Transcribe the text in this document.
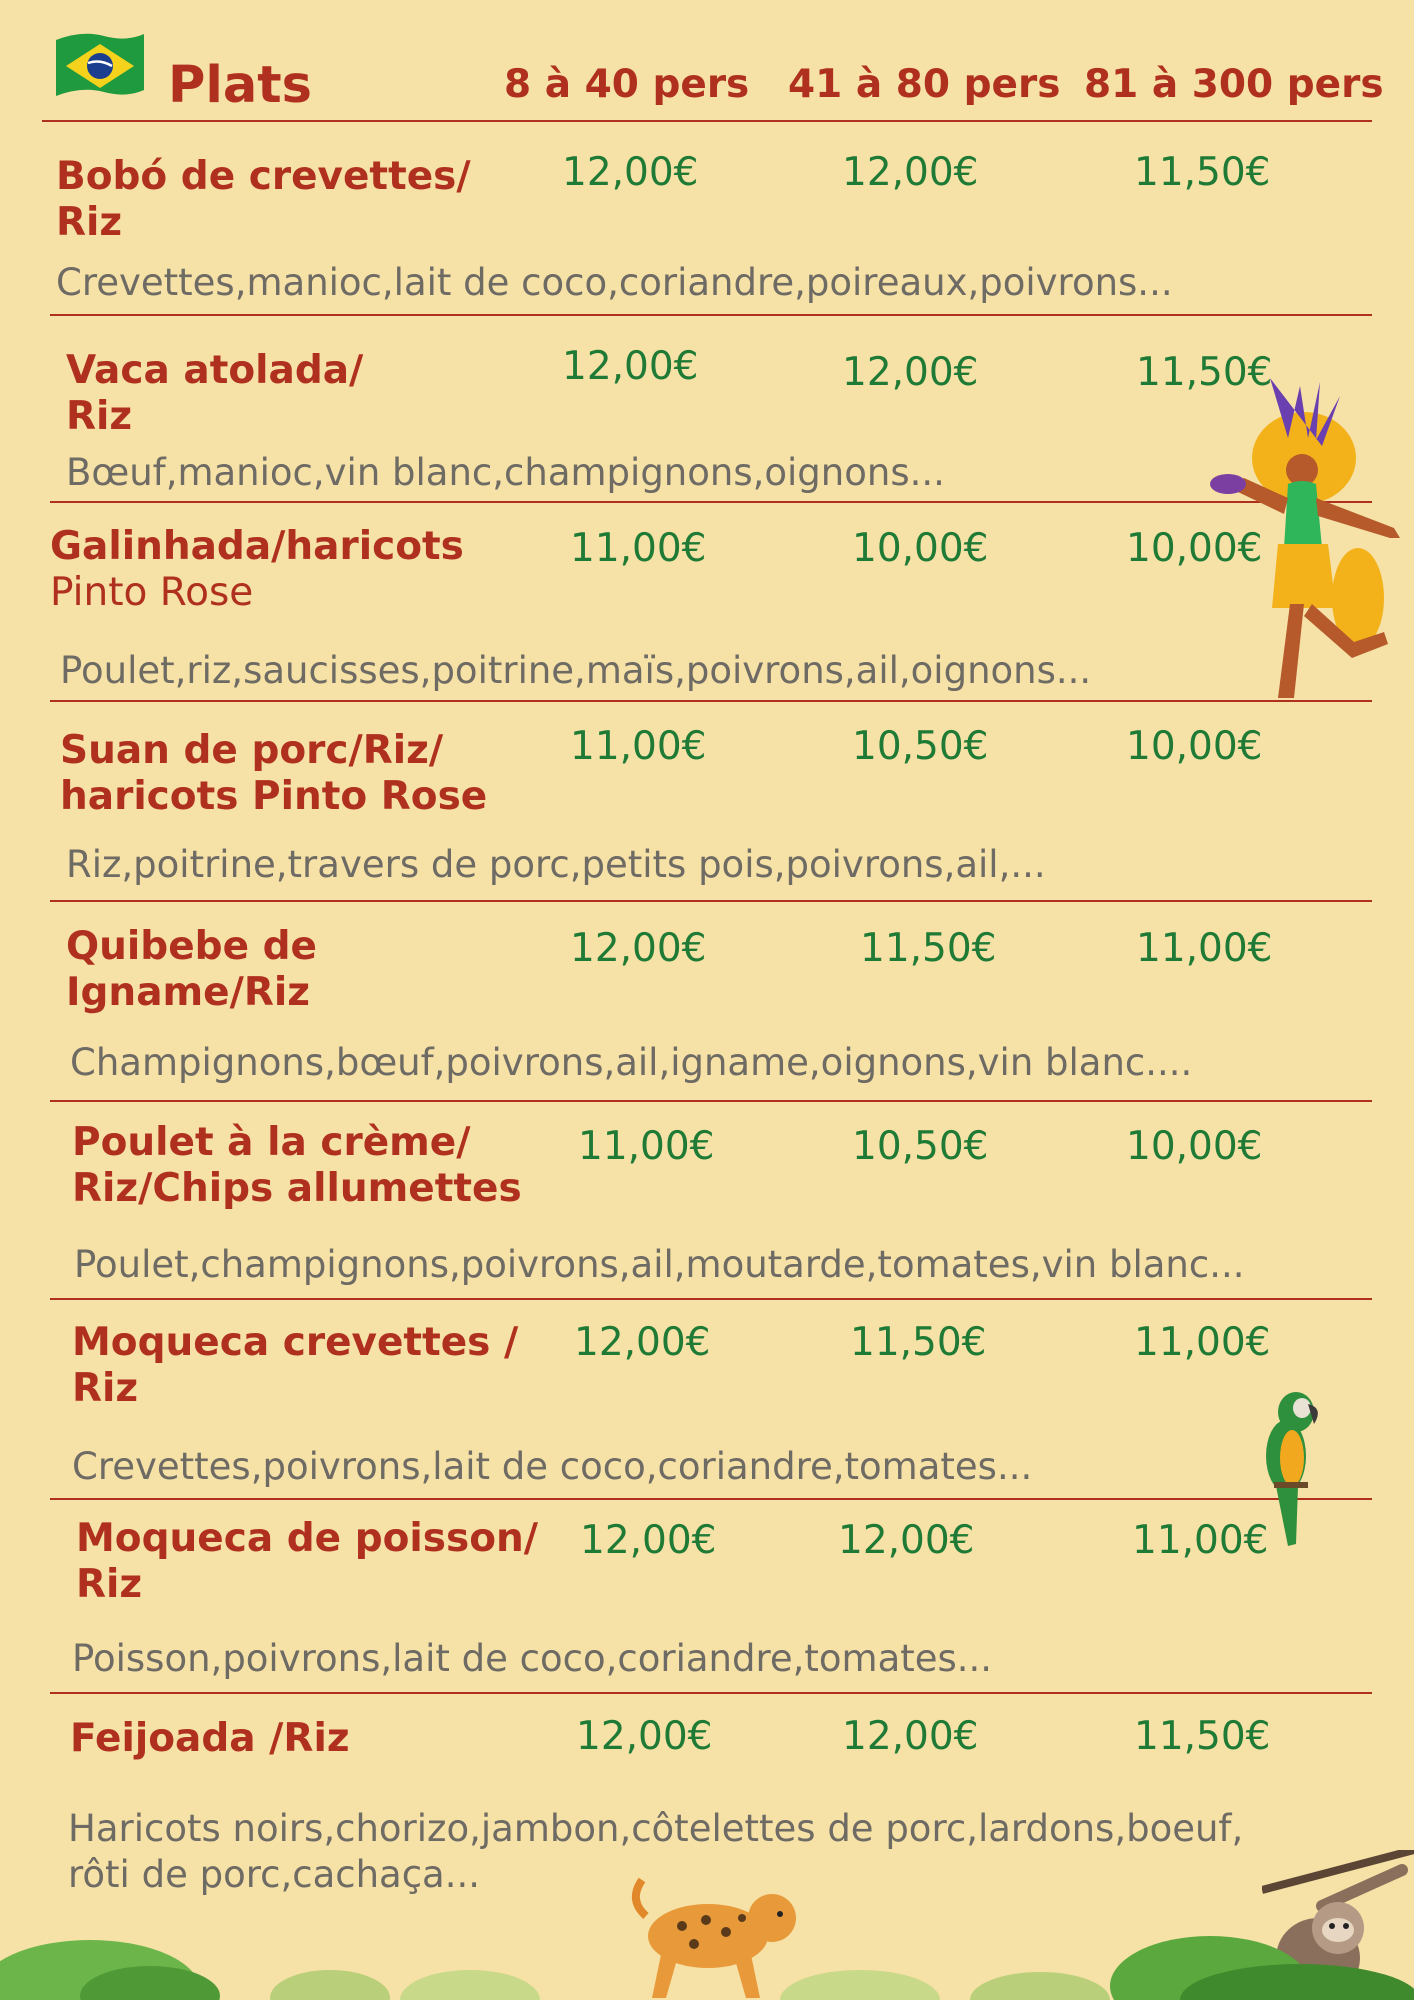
Plats	8 à 40 pers 41 à 80 pers 81 à 300 pers
Bobó de crevettes/
Riz
12,00€	12,00€	11,50€
Crevettes,manioc,lait de coco,coriandre,poireaux,poivrons...
Vaca atolada/
Riz
12,00€	12,00€	11,50€
Bœuf,manioc,vin blanc,champignons,oignons...
Galinhada/haricots
Pinto Rose
11,00€	10,00€	10,00€
Poulet,riz,saucisses,poitrine,maïs,poivrons,ail,oignons...
Suan de porc/Riz/
haricots Pinto Rose
11,00€	10,50€	10,00€
Riz,poitrine,travers de porc,petits pois,poivrons,ail,...
Quibebe de
Igname/Riz
12,00€	11,50€	11,00€
Champignons,bœuf,poivrons,ail,igname,oignons,vin blanc....
Poulet à la crème/
Riz/Chips allumettes
11,00€	10,50€	10,00€
Poulet,champignons,poivrons,ail,moutarde,tomates,vin blanc...
Moqueca crevettes /
Riz
12,00€	11,50€	11,00€
Crevettes,poivrons,lait de coco,coriandre,tomates...
Moqueca de poisson/
Riz
12,00€	12,00€	11,00€
Poisson,poivrons,lait de coco,coriandre,tomates...
Feijoada /Riz	12,00€	12,00€	11,50€
Haricots noirs,chorizo,jambon,côtelettes de porc,lardons,boeuf,
rôti de porc,cachaça...
